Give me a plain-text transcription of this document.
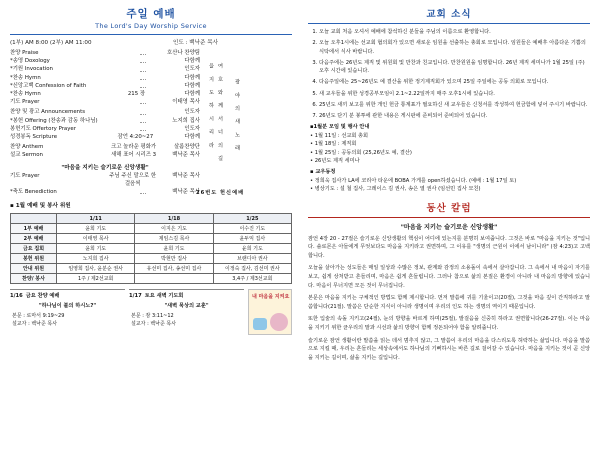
주일 예배
The Lord's Day Worship Service
(1부) AM 8:00 (2부) AM 11:00	인도 : 백낙준 목사
여 호 와 께 서 너 의 길 을 지 도 하 시 리 라	광 야 의 새 노 래
26번도 헌신예배
찬양 Praise	호산나 찬양팀
*송영 Doxology	다함께
*기원 Invocation	인도자
*찬송 Hymn	다함께
*신앙고백 Confession of Faith	다함께
*찬송 Hymn	215 장	다함께
기도 Prayer	이태영 목사
찬양 및 광고 Announcements	인도자
*봉헌 Offering (찬송과 감동 하나님)	노지희 집사
봉헌기도 Offertory Prayer	인도자
성경봉독 Scripture	잠언 4:20~27	다함께
찬양 Anthem	크고 놀라운 평화가	살롬찬양단
설교 Sermon	새해 표어 시리즈 3	백낙준 목사
"마음을 지키는 슬기로운 신앙생활"
기도 Prayer	주님 주신 말으로 한 걸음씩
백낙준 목사
*축도 Benediction	백낙준 목사
▪ 1월 예배 및 봉사 위원
	1/11	1/18	1/25
1부 예배	윤희 기도	이지은 기도	이수진 기도
2부 예배	이태영 목사	제임스김 목사	윤두익 집사
금요 집회	윤희 기도	윤희 기도	윤희 기도
봉헌 위원	노지희 집사	박현만 집사	브랜디아 권사
안내 위원	임영희 집사, 윤분순 권사	유선미 집사, 송선미 집사	이정숙 집사, 김선미 권사
찬양/ 봉사	1주 / 제2선교회		3,4주 / 제3선교회
1/16 금요 찬양 예배
"하나님이 불의 하시노?"
본문 : 로마서 9:19~29
설교자 : 백낙준 목사
1/17 토요 새벽 기도회
"새벽 묵상의 교훈"
본문 : 잠 3:11~12
설교자 : 백낙준 목사
내 마음을 지켜요
교회 소식
1. 오늘 교회 처음 오셔서 예배에 참석하신 분들을 주님의 이름으로 환영합니다.
2. 오늘 오후1시에는 선교회 협의회가 있으면 새로운 임원을 선출하는 총회로 모입니다. 임원들은 예배후 아름다운 기쁨의 식탁에서 식사 바랍니다.
3. 다음주에는 26년도 제직 및 위원회 및 만찬과 친교입니다. 만찬원원을 임명합니다. 26년 제직 세미나가 1월 25일 (주) 오후 시간에 있습니다.
4. 다음주일에는 25~26년도 예 결산을 위한 정기제직회가 있으며 25일 주일에는 공동 의회로 모입니다.
5. 새 교우들을 위한 성경공부모임이 2.1~2.22일까지 매주 오후1시에 있습니다.
6. 25년도 새끼 보고를 위한 개인 헌금 통계표가 필요하신 새 교우들은 신청서를 작성하여 헌금함에 넣어 주시기 바랍니다.
7. 26년도 단기 분 봉투에 관한 내용은 게시판에 준비되어 준비되어 있습니다.
▪1월분 모임 및 행사 안내
• 1월 11일 : 선교회 총회
• 1월 18일 : 제직회
• 1월 25일 : 공동의회 (25,26년도 예, 결산)
• 26년도 제직 세미나
▪ 교우동정
• 정희욱 집사가 LA에 코리아 타운에 BOBA 가게를 open하셨습니다. (예배 : 1월 17일 토)
• 병상기도 : 설 철 집사, 그레이스 김 권사, 송은 열 권사 (임선민 집사 모친)
동산 칼럼
"마음을 지키는 슬기로운 신앙생활"

잠언 4장 20 - 27절은 슬기로운 신앙생활의 핵심이 어디에 있는지를 분명히 보여줍니다. 그것은 바로 "마음을 지키는 것"입니다. 솔로몬은 아들에게 무엇보다도 마음을 지키라고 권면하며, 그 이유를 "생명의 근원이 이에서 남이니라" (잠 4:23)고 고백합니다.

오늘을 살아가는 성도들은 매일 일상과 수많은 정보, 관계와 감정의 소용돌이 속에서 살아갑니다. 그 속에서 내 마음이 자기를 보고, 쉽게 상처받고 흔들리며, 마음은 쉽게 흔들립니다. 그러나 참으로 삶의 본질은 환경이 아니라 내 마음의 방향에 있습니다. 마음이 무너지면 모든 것이 무너집니다.

본문은 마음을 지키는 구체적인 방법도 함께 제시합니다. 먼저 말씀에 귀를 기울이고(20절), 그것을 마음 깊이 간직하라고 말씀합니다(21절). 말씀은 단순한 지식이 아니라 생명이며 우리의 인도 하는 생명의 역이기 때문입니다.

또한 입술의 속돌 지키고(24절), 눈의 방향을 바르게 하며(25절), 발걸음을 신중히 하라고 권면합니다(26-27절). 이는 마음을 지키기 위한 균우리의 말과 시선과 삶의 방향이 함께 정돈되어야 함을 알려줍니다.

슬기로운 잠언 생활이란 말씀을 읽는 데서 멈추지 않고, 그 말씀이 우리의 마음을 다스리도록 허락하는 삶입니다. 마음을 말씀으로 지킬 때, 우리는 흔들리는 세상속에서도 하나님의 기뻐하시는 바른 길로 걸어갈 수 있습니다. 마음을 지키는 것이 곧 신앙을 지키는 길이며, 삶을 지키는 길입니다.
